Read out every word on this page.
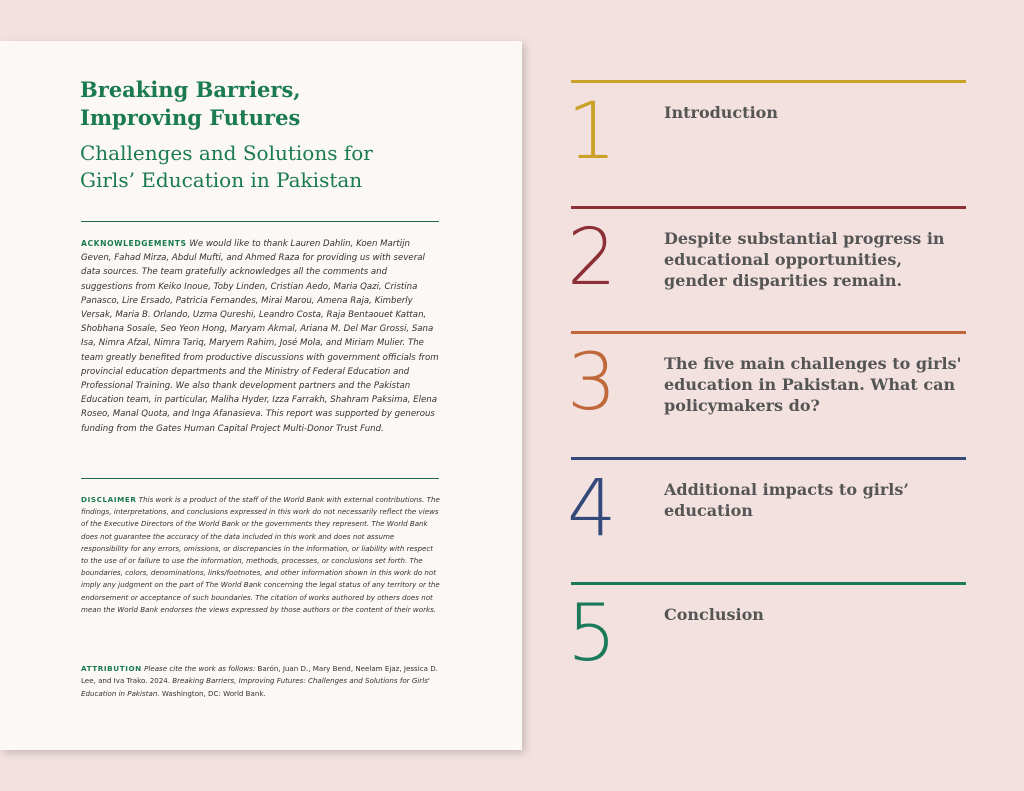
Breaking Barriers,
Improving Futures
Challenges and Solutions for
Girls’ Education in Pakistan
ACKNOWLEDGEMENTS We would like to thank Lauren Dahlin, Koen Martijn Geven, Fahad Mirza, Abdul Mufti, and Ahmed Raza for providing us with several data sources. The team gratefully acknowledges all the comments and suggestions from Keiko Inoue, Toby Linden, Cristian Aedo, Maria Qazi, Cristina Panasco, Lire Ersado, Patricia Fernandes, Mirai Marou, Amena Raja, Kimberly Versak, Maria B. Orlando, Uzma Qureshi, Leandro Costa, Raja Bentaouet Kattan, Shobhana Sosale, Seo Yeon Hong, Maryam Akmal, Ariana M. Del Mar Grossi, Sana Isa, Nimra Afzal, Nimra Tariq, Maryem Rahim, José Mola, and Miriam Mulier. The team greatly benefited from productive discussions with government officials from provincial education departments and the Ministry of Federal Education and Professional Training. We also thank development partners and the Pakistan Education team, in particular, Maliha Hyder, Izza Farrakh, Shahram Paksima, Elena Roseo, Manal Quota, and Inga Afanasieva. This report was supported by generous funding from the Gates Human Capital Project Multi-Donor Trust Fund.
DISCLAIMER This work is a product of the staff of the World Bank with external contributions. The findings, interpretations, and conclusions expressed in this work do not necessarily reflect the views of the Executive Directors of the World Bank or the governments they represent. The World Bank does not guarantee the accuracy of the data included in this work and does not assume responsibility for any errors, omissions, or discrepancies in the information, or liability with respect to the use of or failure to use the information, methods, processes, or conclusions set forth. The boundaries, colors, denominations, links/footnotes, and other information shown in this work do not imply any judgment on the part of The World Bank concerning the legal status of any territory or the endorsement or acceptance of such boundaries. The citation of works authored by others does not mean the World Bank endorses the views expressed by those authors or the content of their works.
ATTRIBUTION Please cite the work as follows: Barón, Juan D., Mary Bend, Neelam Ejaz, Jessica D. Lee, and Iva Trako. 2024. Breaking Barriers, Improving Futures: Challenges and Solutions for Girls' Education in Pakistan. Washington, DC: World Bank.
1	Introduction
2	Despite substantial progress in educational opportunities, gender disparities remain.
3	The five main challenges to girls' education in Pakistan. What can policymakers do?
4	Additional impacts to girls’ education
5	Conclusion
